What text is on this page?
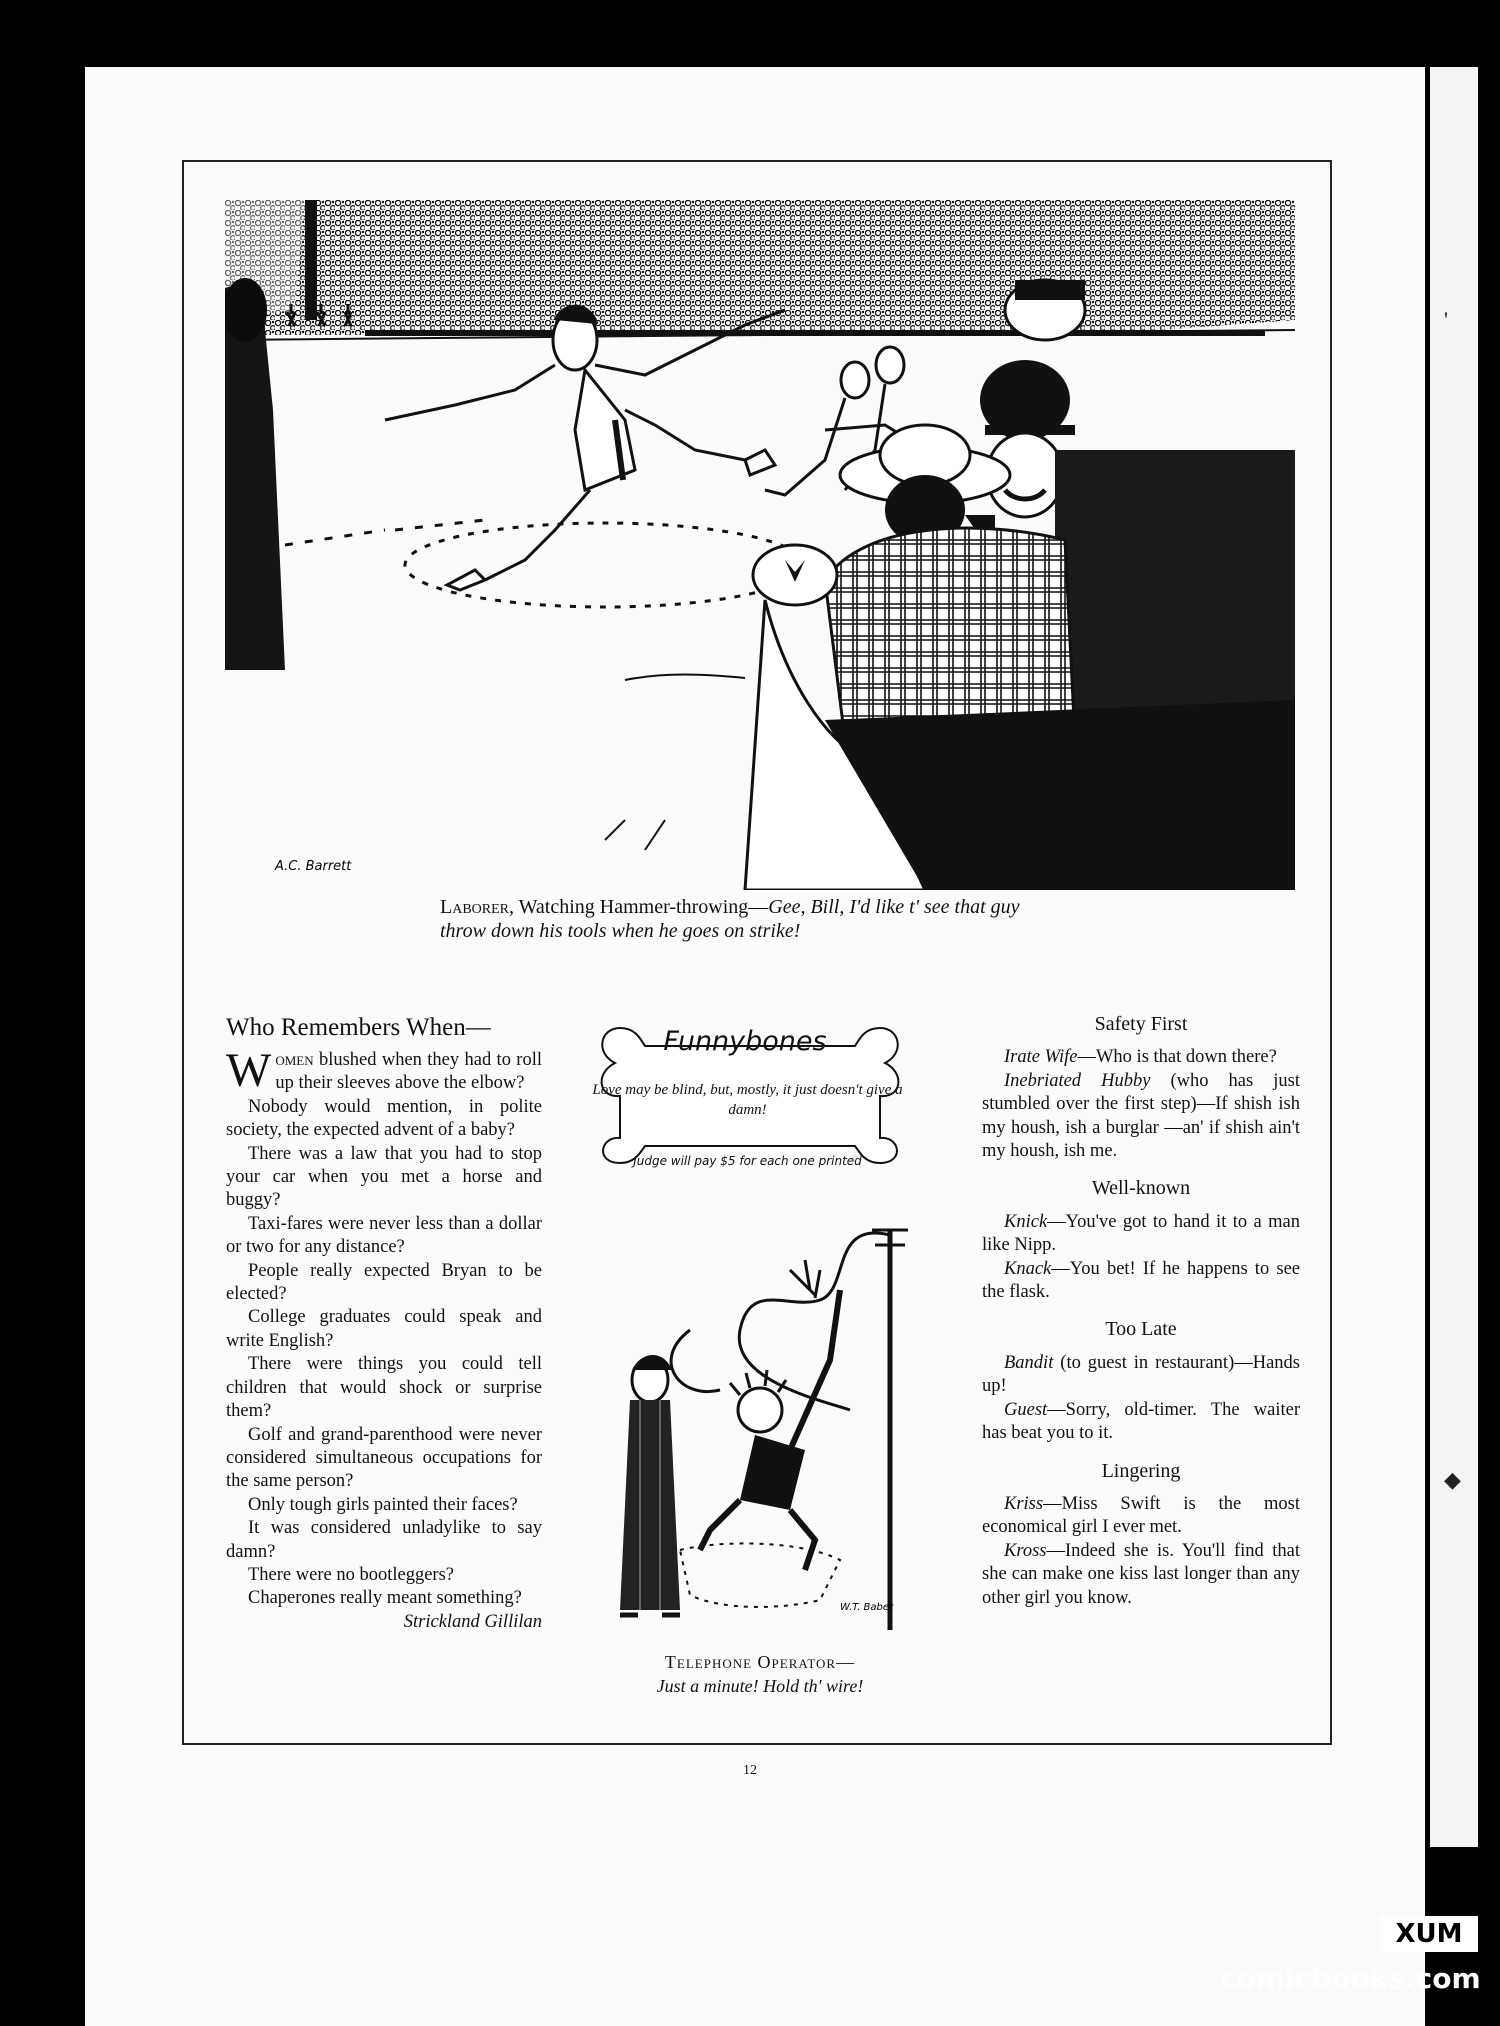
'
◆
A.C. Barrett
Laborer, Watching Hammer-throwing—Gee, Bill, I'd like t' see that guy throw down his tools when he goes on strike!
Who Remembers When—
Women blushed when they had to roll up their sleeves above the elbow?
Nobody would mention, in polite society, the expected advent of a baby?
There was a law that you had to stop your car when you met a horse and buggy?
Taxi-fares were never less than a dollar or two for any distance?
People really expected Bryan to be elected?
College graduates could speak and write English?
There were things you could tell children that would shock or surprise them?
Golf and grand-parenthood were never considered simultaneous occupations for the same person?
Only tough girls painted their faces?
It was considered unladylike to say damn?
There were no bootleggers?
Chaperones really meant something?
Strickland Gillilan
Funnybones
Love may be blind, but, mostly, it just doesn't give a damn!
Judge will pay $5 for each one printed
W.T. Baber
Telephone Operator—
Just a minute! Hold th' wire!
Safety First
Irate Wife—Who is that down there?
Inebriated Hubby (who has just stumbled over the first step)—If shish ish my housh, ish a burglar —an' if shish ain't my housh, ish me.
Well-known
Knick—You've got to hand it to a man like Nipp.
Knack—You bet! If he happens to see the flask.
Too Late
Bandit (to guest in restaurant)—Hands up!
Guest—Sorry, old-timer. The waiter has beat you to it.
Lingering
Kriss—Miss Swift is the most economical girl I ever met.
Kross—Indeed she is. You'll find that she can make one kiss last longer than any other girl you know.
12
XUM
comicbooks.com
